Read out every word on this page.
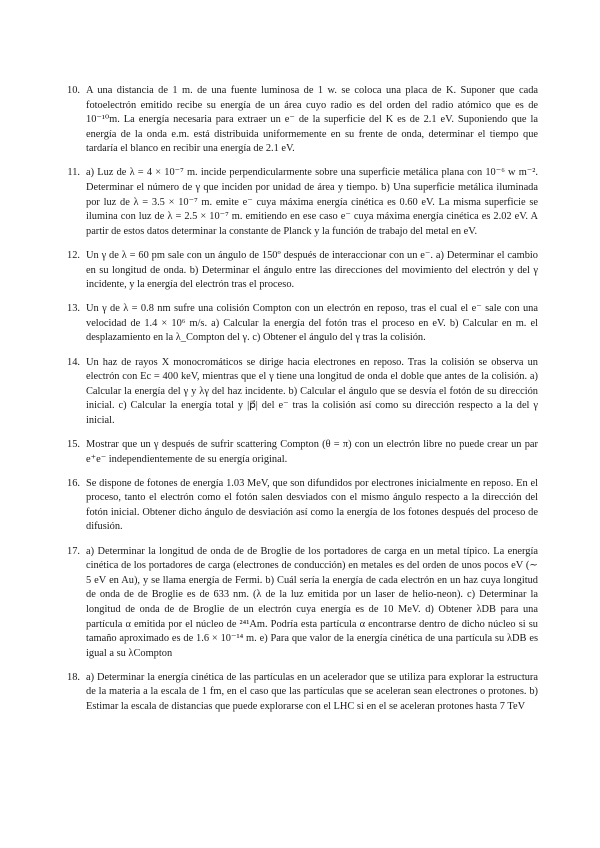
10. A una distancia de 1 m. de una fuente luminosa de 1 w. se coloca una placa de K. Suponer que cada fotoelectrón emitido recibe su energía de un área cuyo radio es del orden del radio atómico que es de 10⁻¹⁰m. La energía necesaria para extraer un e⁻ de la superficie del K es de 2.1 eV. Suponiendo que la energía de la onda e.m. está distribuida uniformemente en su frente de onda, determinar el tiempo que tardaría el blanco en recibir una energía de 2.1 eV.
11. a) Luz de λ = 4 × 10⁻⁷ m. incide perpendicularmente sobre una superficie metálica plana con 10⁻⁶ w m⁻². Determinar el número de γ que inciden por unidad de área y tiempo. b) Una superficie metálica iluminada por luz de λ = 3.5 × 10⁻⁷ m. emite e⁻ cuya máxima energía cinética es 0.60 eV. La misma superficie se ilumina con luz de λ = 2.5 × 10⁻⁷ m. emitiendo en ese caso e⁻ cuya máxima energía cinética es 2.02 eV. A partir de estos datos determinar la constante de Planck y la función de trabajo del metal en eV.
12. Un γ de λ = 60 pm sale con un ángulo de 150º después de interaccionar con un e⁻. a) Determinar el cambio en su longitud de onda. b) Determinar el ángulo entre las direcciones del movimiento del electrón y del γ incidente, y la energía del electrón tras el proceso.
13. Un γ de λ = 0.8 nm sufre una colisión Compton con un electrón en reposo, tras el cual el e⁻ sale con una velocidad de 1.4 × 10⁶ m/s. a) Calcular la energía del fotón tras el proceso en eV. b) Calcular en m. el desplazamiento en la λ_Compton del γ. c) Obtener el ángulo del γ tras la colisión.
14. Un haz de rayos X monocromáticos se dirige hacia electrones en reposo. Tras la colisión se observa un electrón con Ec = 400 keV, mientras que el γ tiene una longitud de onda el doble que antes de la colisión. a) Calcular la energía del γ y λγ del haz incidente. b) Calcular el ángulo que se desvía el fotón de su dirección inicial. c) Calcular la energía total y |p⃗| del e⁻ tras la colisión así como su dirección respecto a la del γ inicial.
15. Mostrar que un γ después de sufrir scattering Compton (θ = π) con un electrón libre no puede crear un par e⁺e⁻ independientemente de su energía original.
16. Se dispone de fotones de energía 1.03 MeV, que son difundidos por electrones inicialmente en reposo. En el proceso, tanto el electrón como el fotón salen desviados con el mismo ángulo respecto a la dirección del fotón inicial. Obtener dicho ángulo de desviación así como la energía de los fotones después del proceso de difusión.
17. a) Determinar la longitud de onda de de Broglie de los portadores de carga en un metal típico. La energía cinética de los portadores de carga (electrones de conducción) en metales es del orden de unos pocos eV (∼ 5 eV en Au), y se llama energía de Fermi. b) Cuál sería la energía de cada electrón en un haz cuya longitud de onda de de Broglie es de 633 nm. (λ de la luz emitida por un laser de helio-neon). c) Determinar la longitud de onda de de Broglie de un electrón cuya energía es de 10 MeV. d) Obtener λDB para una partícula α emitida por el núcleo de ²⁴¹Am. Podría esta partícula α encontrarse dentro de dicho núcleo si su tamaño aproximado es de 1.6 × 10⁻¹⁴ m. e) Para que valor de la energía cinética de una partícula su λDB es igual a su λCompton
18. a) Determinar la energía cinética de las partículas en un acelerador que se utiliza para explorar la estructura de la materia a la escala de 1 fm, en el caso que las partículas que se aceleran sean electrones o protones. b) Estimar la escala de distancias que puede explorarse con el LHC si en el se aceleran protones hasta 7 TeV
